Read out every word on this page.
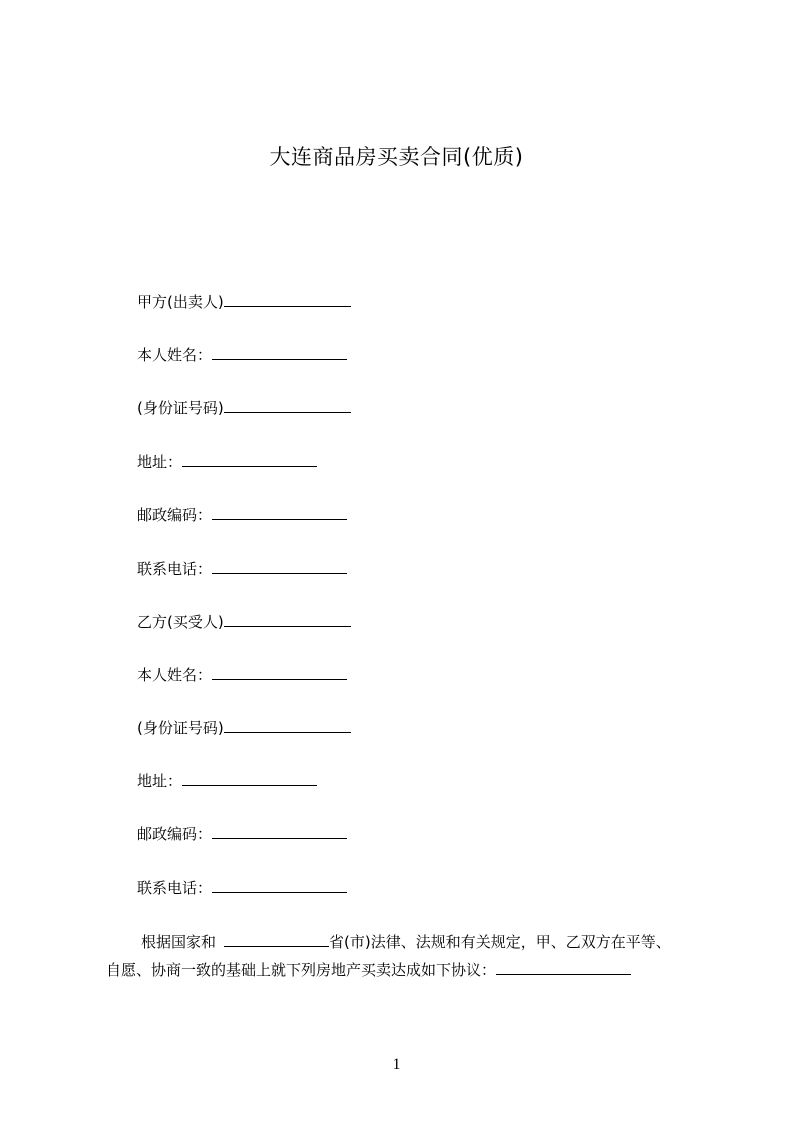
大连商品房买卖合同(优质)
甲方(出卖人)
本人姓名：
(身份证号码)
地址：
邮政编码：
联系电话：
乙方(买受人)
本人姓名：
(身份证号码)
地址：
邮政编码：
联系电话：
根据国家和	省(市)法律、法规和有关规定，甲、乙双方在平等、
自愿、协商一致的基础上就下列房地产买卖达成如下协议：
1
